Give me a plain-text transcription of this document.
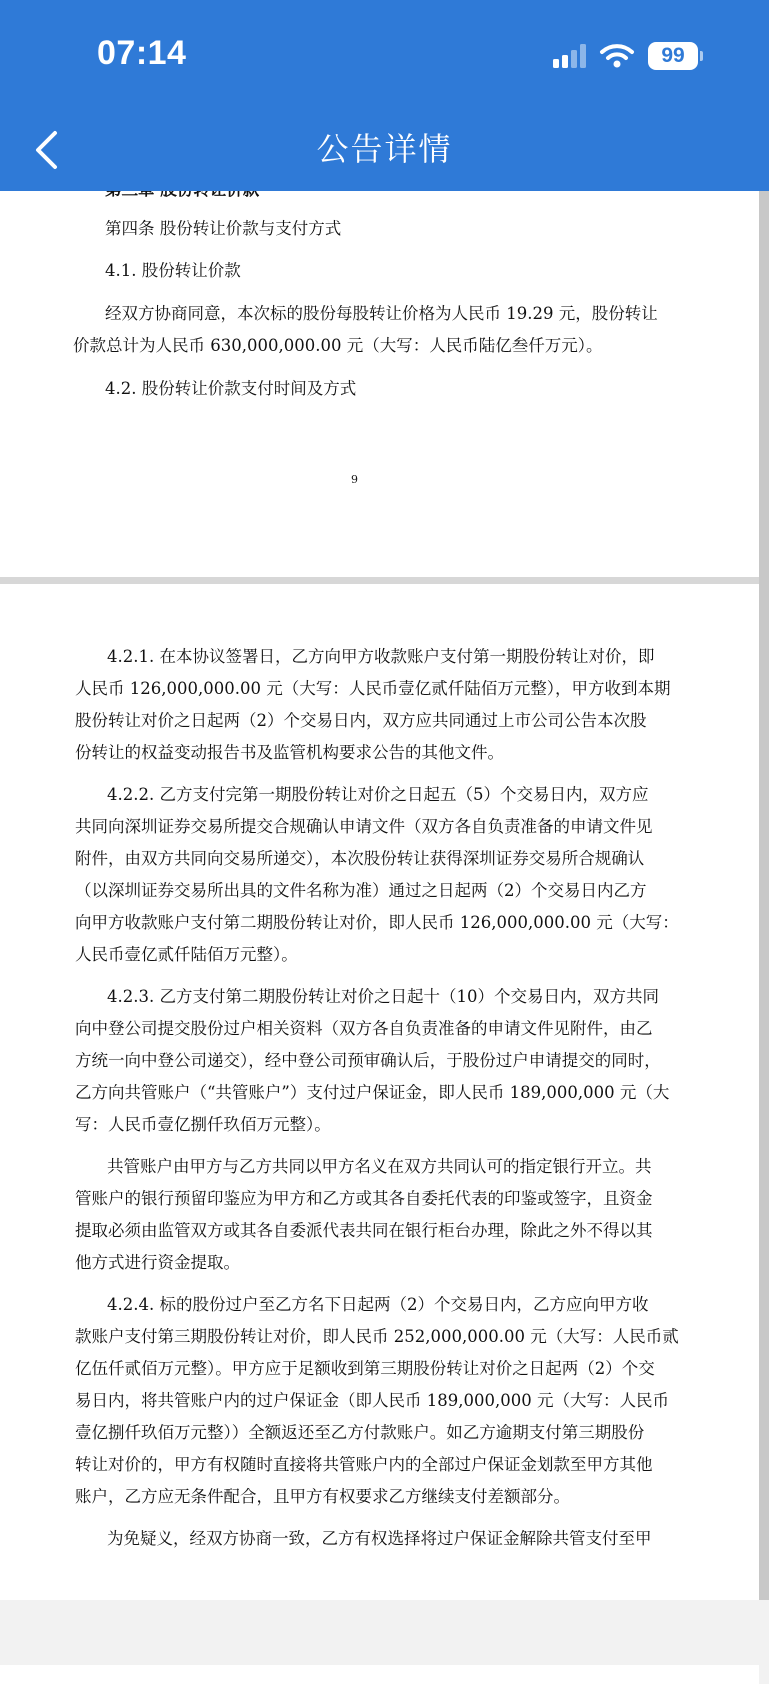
07:14	99
公告详情
第四条 股份转让价款与支付方式
4.1. 股份转让价款
经双方协商同意，本次标的股份每股转让价格为人民币 19.29 元，股份转让
价款总计为人民币 630,000,000.00 元（大写：人民币陆亿叁仟万元）。
4.2. 股份转让价款支付时间及方式
9
4.2.1. 在本协议签署日，乙方向甲方收款账户支付第一期股份转让对价，即
人民币 126,000,000.00 元（大写：人民币壹亿贰仟陆佰万元整），甲方收到本期
股份转让对价之日起两（2）个交易日内，双方应共同通过上市公司公告本次股
份转让的权益变动报告书及监管机构要求公告的其他文件。
4.2.2. 乙方支付完第一期股份转让对价之日起五（5）个交易日内，双方应
共同向深圳证券交易所提交合规确认申请文件（双方各自负责准备的申请文件见
附件，由双方共同向交易所递交），本次股份转让获得深圳证券交易所合规确认
（以深圳证券交易所出具的文件名称为准）通过之日起两（2）个交易日内乙方
向甲方收款账户支付第二期股份转让对价，即人民币 126,000,000.00 元（大写：
人民币壹亿贰仟陆佰万元整）。
4.2.3. 乙方支付第二期股份转让对价之日起十（10）个交易日内，双方共同
向中登公司提交股份过户相关资料（双方各自负责准备的申请文件见附件，由乙
方统一向中登公司递交），经中登公司预审确认后，于股份过户申请提交的同时，
乙方向共管账户（“共管账户”）支付过户保证金，即人民币 189,000,000 元（大
写：人民币壹亿捌仟玖佰万元整）。
共管账户由甲方与乙方共同以甲方名义在双方共同认可的指定银行开立。共
管账户的银行预留印鉴应为甲方和乙方或其各自委托代表的印鉴或签字，且资金
提取必须由监管双方或其各自委派代表共同在银行柜台办理，除此之外不得以其
他方式进行资金提取。
4.2.4. 标的股份过户至乙方名下日起两（2）个交易日内，乙方应向甲方收
款账户支付第三期股份转让对价，即人民币 252,000,000.00 元（大写：人民币贰
亿伍仟贰佰万元整）。甲方应于足额收到第三期股份转让对价之日起两（2）个交
易日内，将共管账户内的过户保证金（即人民币 189,000,000 元（大写：人民币
壹亿捌仟玖佰万元整））全额返还至乙方付款账户。如乙方逾期支付第三期股份
转让对价的，甲方有权随时直接将共管账户内的全部过户保证金划款至甲方其他
账户，乙方应无条件配合，且甲方有权要求乙方继续支付差额部分。
为免疑义，经双方协商一致，乙方有权选择将过户保证金解除共管支付至甲
